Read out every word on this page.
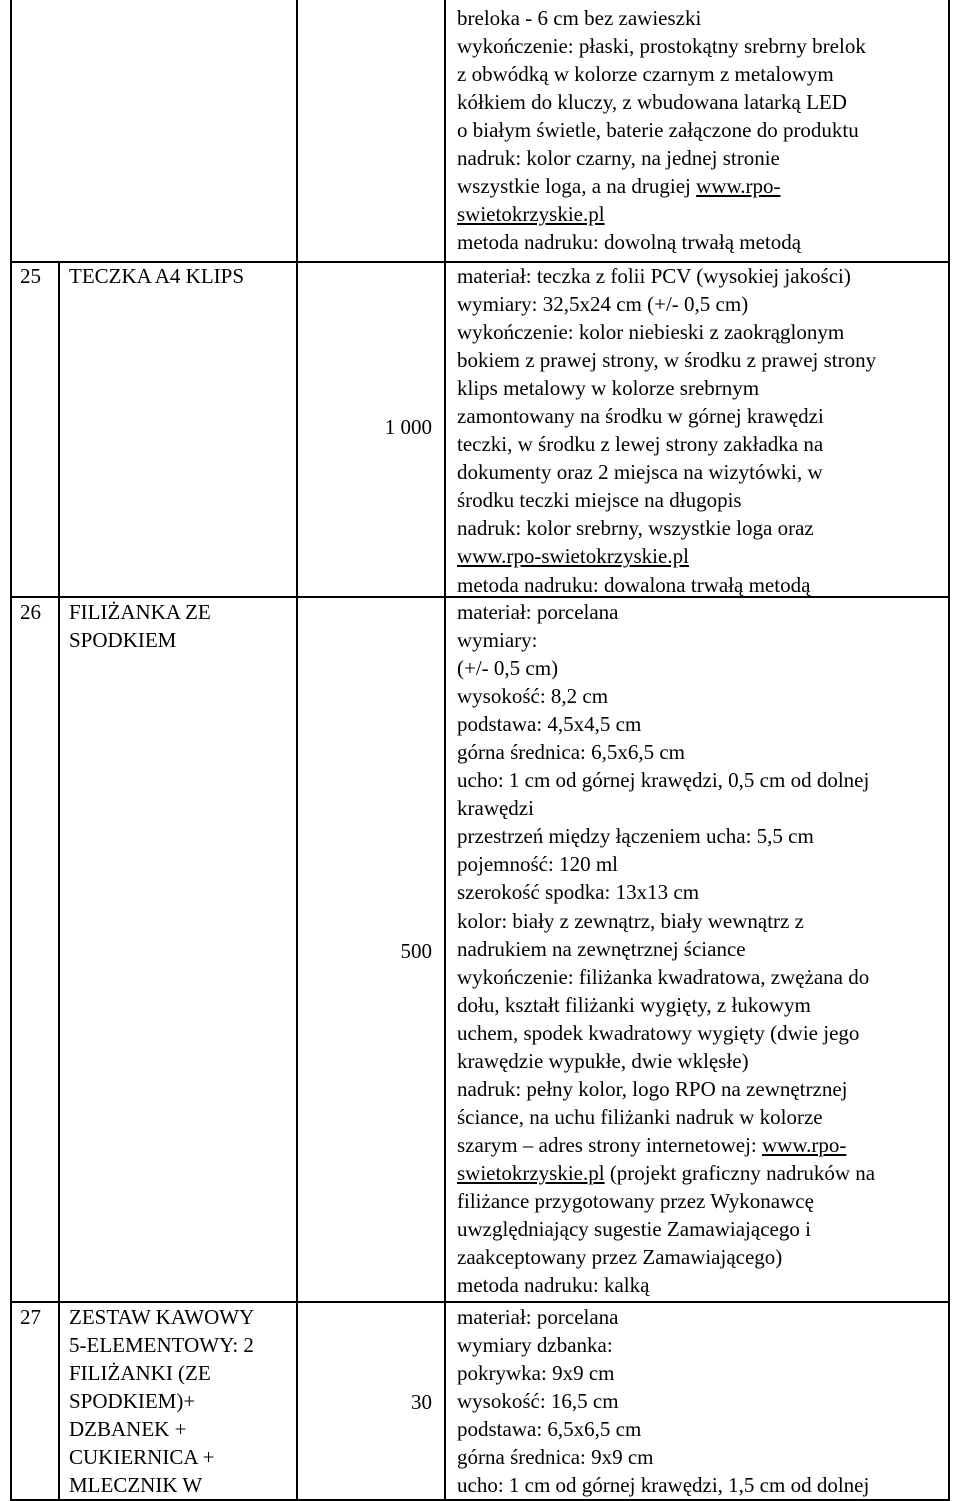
breloka - 6 cm bez zawieszki
wykończenie: płaski, prostokątny srebrny brelok
z obwódką w kolorze czarnym z metalowym
kółkiem do kluczy, z wbudowana latarką LED
o białym świetle, baterie załączone do produktu
nadruk: kolor czarny, na jednej stronie
wszystkie loga, a na drugiej www.rpo-
swietokrzyskie.pl
metoda nadruku: dowolną trwałą metodą
25 TECZKA A4 KLIPS
1 000
materiał: teczka z folii PCV (wysokiej jakości)
wymiary: 32,5x24 cm (+/- 0,5 cm)
wykończenie: kolor niebieski z zaokrąglonym
bokiem z prawej strony, w środku z prawej strony
klips metalowy w kolorze srebrnym
zamontowany na środku w górnej krawędzi
teczki, w środku z lewej strony zakładka na
dokumenty oraz 2 miejsca na wizytówki, w
środku teczki miejsce na długopis
nadruk: kolor srebrny, wszystkie loga oraz
www.rpo-swietokrzyskie.pl
metoda nadruku: dowalona trwałą metodą
26 FILIŻANKA ZE
SPODKIEM
500
materiał: porcelana
wymiary:
(+/- 0,5 cm)
wysokość: 8,2 cm
podstawa: 4,5x4,5 cm
górna średnica: 6,5x6,5 cm
ucho: 1 cm od górnej krawędzi, 0,5 cm od dolnej
krawędzi
przestrzeń między łączeniem ucha: 5,5 cm
pojemność: 120 ml
szerokość spodka: 13x13 cm
kolor: biały z zewnątrz, biały wewnątrz z
nadrukiem na zewnętrznej ściance
wykończenie: filiżanka kwadratowa, zwężana do
dołu, kształt filiżanki wygięty, z łukowym
uchem, spodek kwadratowy wygięty (dwie jego
krawędzie wypukłe, dwie wklęsłe)
nadruk: pełny kolor, logo RPO na zewnętrznej
ściance, na uchu filiżanki nadruk w kolorze
szarym – adres strony internetowej: www.rpo-
swietokrzyskie.pl (projekt graficzny nadruków na
filiżance przygotowany przez Wykonawcę
uwzględniający sugestie Zamawiającego i
zaakceptowany przez Zamawiającego)
metoda nadruku: kalką
27 ZESTAW KAWOWY
5-ELEMENTOWY: 2
FILIŻANKI (ZE
SPODKIEM)+
DZBANEK +
CUKIERNICA +
MLECZNIK W
30
materiał: porcelana
wymiary dzbanka:
pokrywka: 9x9 cm
wysokość: 16,5 cm
podstawa: 6,5x6,5 cm
górna średnica: 9x9 cm
ucho: 1 cm od górnej krawędzi, 1,5 cm od dolnej
